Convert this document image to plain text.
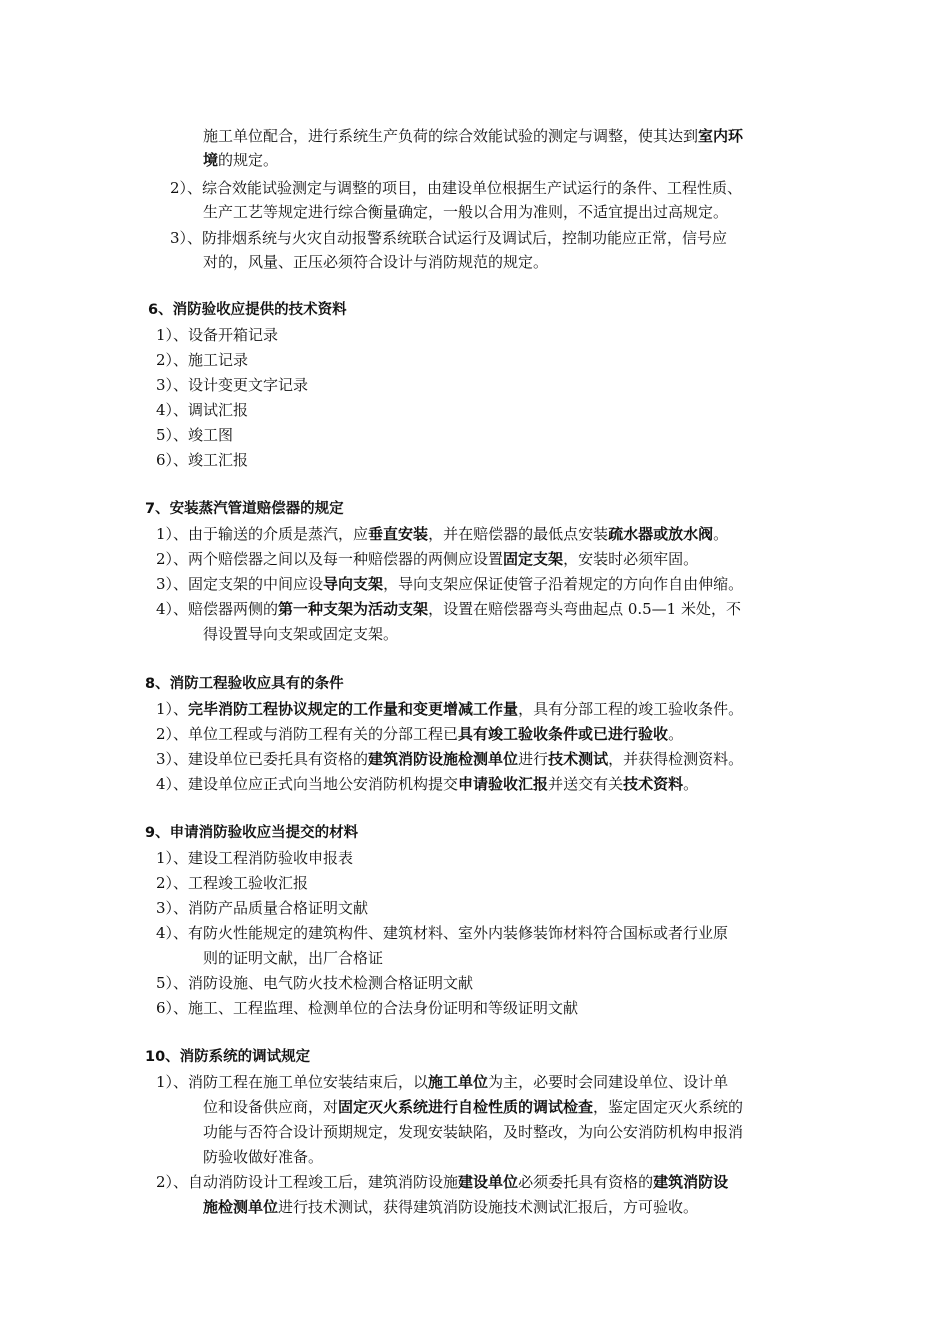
施工单位配合，进行系统生产负荷的综合效能试验的测定与调整，使其达到室内环
境的规定。
2）、综合效能试验测定与调整的项目，由建设单位根据生产试运行的条件、工程性质、
生产工艺等规定进行综合衡量确定，一般以合用为准则，不适宜提出过高规定。
3）、防排烟系统与火灾自动报警系统联合试运行及调试后，控制功能应正常，信号应
对的，风量、正压必须符合设计与消防规范的规定。
6、消防验收应提供的技术资料
1）、设备开箱记录
2）、施工记录
3）、设计变更文字记录
4）、调试汇报
5）、竣工图
6）、竣工汇报
7、安装蒸汽管道赔偿器的规定
1）、由于输送的介质是蒸汽，应垂直安装，并在赔偿器的最低点安装疏水器或放水阀。
2）、两个赔偿器之间以及每一种赔偿器的两侧应设置固定支架，安装时必须牢固。
3）、固定支架的中间应设导向支架，导向支架应保证使管子沿着规定的方向作自由伸缩。
4）、赔偿器两侧的第一种支架为活动支架，设置在赔偿器弯头弯曲起点 0.5—1 米处，不
得设置导向支架或固定支架。
8、消防工程验收应具有的条件
1）、完毕消防工程协议规定的工作量和变更增减工作量，具有分部工程的竣工验收条件。
2）、单位工程或与消防工程有关的分部工程已具有竣工验收条件或已进行验收。
3）、建设单位已委托具有资格的建筑消防设施检测单位进行技术测试，并获得检测资料。
4）、建设单位应正式向当地公安消防机构提交申请验收汇报并送交有关技术资料。
9、申请消防验收应当提交的材料
1）、建设工程消防验收申报表
2）、工程竣工验收汇报
3）、消防产品质量合格证明文献
4）、有防火性能规定的建筑构件、建筑材料、室外内装修装饰材料符合国标或者行业原
则的证明文献，出厂合格证
5）、消防设施、电气防火技术检测合格证明文献
6）、施工、工程监理、检测单位的合法身份证明和等级证明文献
10、消防系统的调试规定
1）、消防工程在施工单位安装结束后，以施工单位为主，必要时会同建设单位、设计单
位和设备供应商，对固定灭火系统进行自检性质的调试检查，鉴定固定灭火系统的
功能与否符合设计预期规定，发现安装缺陷，及时整改，为向公安消防机构申报消
防验收做好准备。
2）、自动消防设计工程竣工后，建筑消防设施建设单位必须委托具有资格的建筑消防设
施检测单位进行技术测试，获得建筑消防设施技术测试汇报后，方可验收。
